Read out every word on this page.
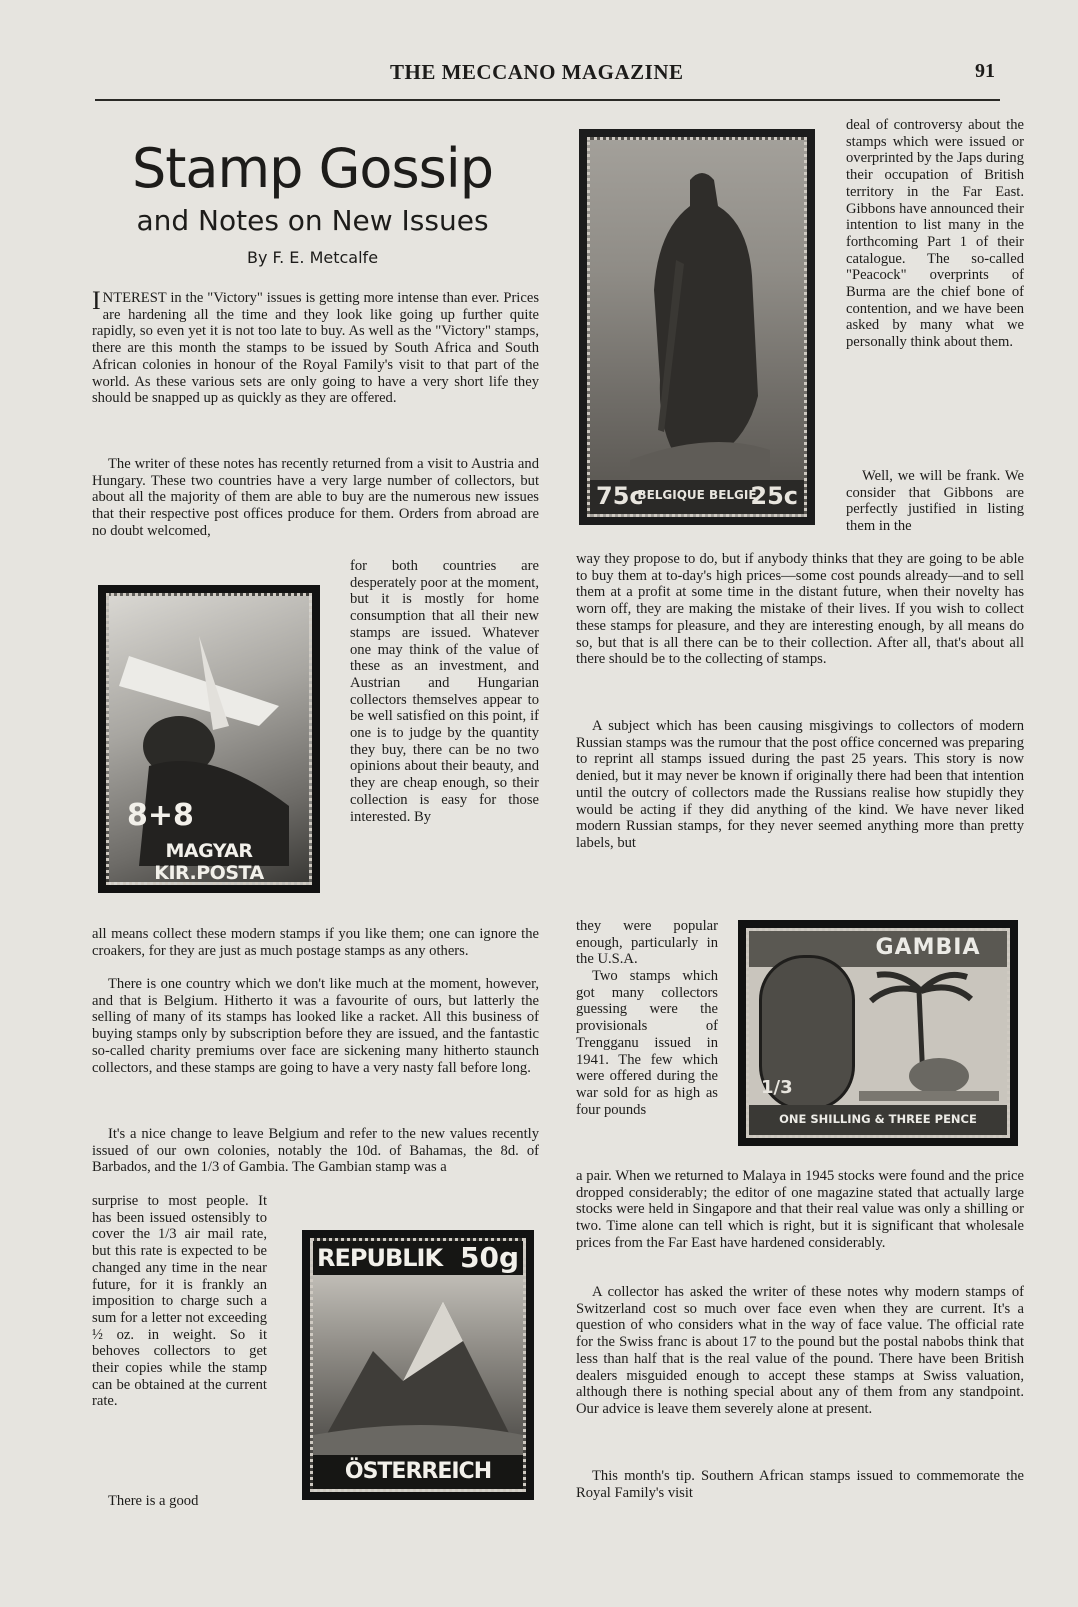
THE MECCANO MAGAZINE	91
Stamp Gossip
and Notes on New Issues
By F. E. Metcalfe

INTEREST in the "Victory" issues is getting more intense than ever. Prices are hardening all the time and they look like going up further quite rapidly, so even yet it is not too late to buy. As well as the "Victory" stamps, there are this month the stamps to be issued by South Africa and South African colonies in honour of the Royal Family's visit to that part of the world. As these various sets are only going to have a very short life they should be snapped up as quickly as they are offered.

The writer of these notes has recently returned from a visit to Austria and Hungary. These two countries have a very large number of collectors, but about all the majority of them are able to buy are the numerous new issues that their respective post offices produce for them. Orders from abroad are no doubt welcomed,

for both countries are desperately poor at the moment, but it is mostly for home consumption that all their new stamps are issued. Whatever one may think of the value of these as an investment, and Austrian and Hungarian collectors themselves appear to be well satisfied on this point, if one is to judge by the quantity they buy, there can be no two opinions about their beauty, and they are cheap enough, so their collection is easy for those interested. By

all means collect these modern stamps if you like them; one can ignore the croakers, for they are just as much postage stamps as any others.

There is one country which we don't like much at the moment, however, and that is Belgium. Hitherto it was a favourite of ours, but latterly the selling of many of its stamps has looked like a racket. All this business of buying stamps only by subscription before they are issued, and the fantastic so-called charity premiums over face are sickening many hitherto staunch collectors, and these stamps are going to have a very nasty fall before long.

It's a nice change to leave Belgium and refer to the new values recently issued of our own colonies, notably the 10d. of Bahamas, the 8d. of Barbados, and the 1/3 of Gambia. The Gambian stamp was a

surprise to most people. It has been issued ostensibly to cover the 1/3 air mail rate, but this rate is expected to be changed any time in the near future, for it is frankly an imposition to charge such a sum for a letter not exceeding ½ oz. in weight. So it behoves collectors to get their copies while the stamp can be obtained at the current rate.

There is a good

deal of controversy about the stamps which were issued or overprinted by the Japs during their occupation of British territory in the Far East. Gibbons have announced their intention to list many in the forthcoming Part 1 of their catalogue. The so-called "Peacock" overprints of Burma are the chief bone of contention, and we have been asked by many what we personally think about them.

Well, we will be frank. We consider that Gibbons are perfectly justified in listing them in the

way they propose to do, but if anybody thinks that they are going to be able to buy them at to-day's high prices—some cost pounds already—and to sell them at a profit at some time in the distant future, when their novelty has worn off, they are making the mistake of their lives. If you wish to collect these stamps for pleasure, and they are interesting enough, by all means do so, but that is all there can be to their collection. After all, that's about all there should be to the collecting of stamps.

A subject which has been causing misgivings to collectors of modern Russian stamps was the rumour that the post office concerned was preparing to reprint all stamps issued during the past 25 years. This story is now denied, but it may never be known if originally there had been that intention until the outcry of collectors made the Russians realise how stupidly they would be acting if they did anything of the kind. We have never liked modern Russian stamps, for they never seemed anything more than pretty labels, but

they were popular enough, particularly in the U.S.A.

Two stamps which got many collectors guessing were the provisionals of Trengganu issued in 1941. The few which were offered during the war sold for as high as four pounds

a pair. When we returned to Malaya in 1945 stocks were found and the price dropped considerably; the editor of one magazine stated that actually large stocks were held in Singapore and that their real value was only a shilling or two. Time alone can tell which is right, but it is significant that wholesale prices from the Far East have hardened considerably.

A collector has asked the writer of these notes why modern stamps of Switzerland cost so much over face even when they are current. It's a question of who considers what in the way of face value. The official rate for the Swiss franc is about 17 to the pound but the postal nabobs think that less than half that is the real value of the pound. There have been British dealers misguided enough to accept these stamps at Swiss valuation, although there is nothing special about any of them from any standpoint. Our advice is leave them severely alone at present.

This month's tip. Southern African stamps issued to commemorate the Royal Family's visit

75c
BELGIQUE BELGIE
25c
8+8
MAGYAR KIR.POSTA
GAMBIA
1/3
ONE SHILLING & THREE PENCE
REPUBLIK 50g
ÖSTERREICH
